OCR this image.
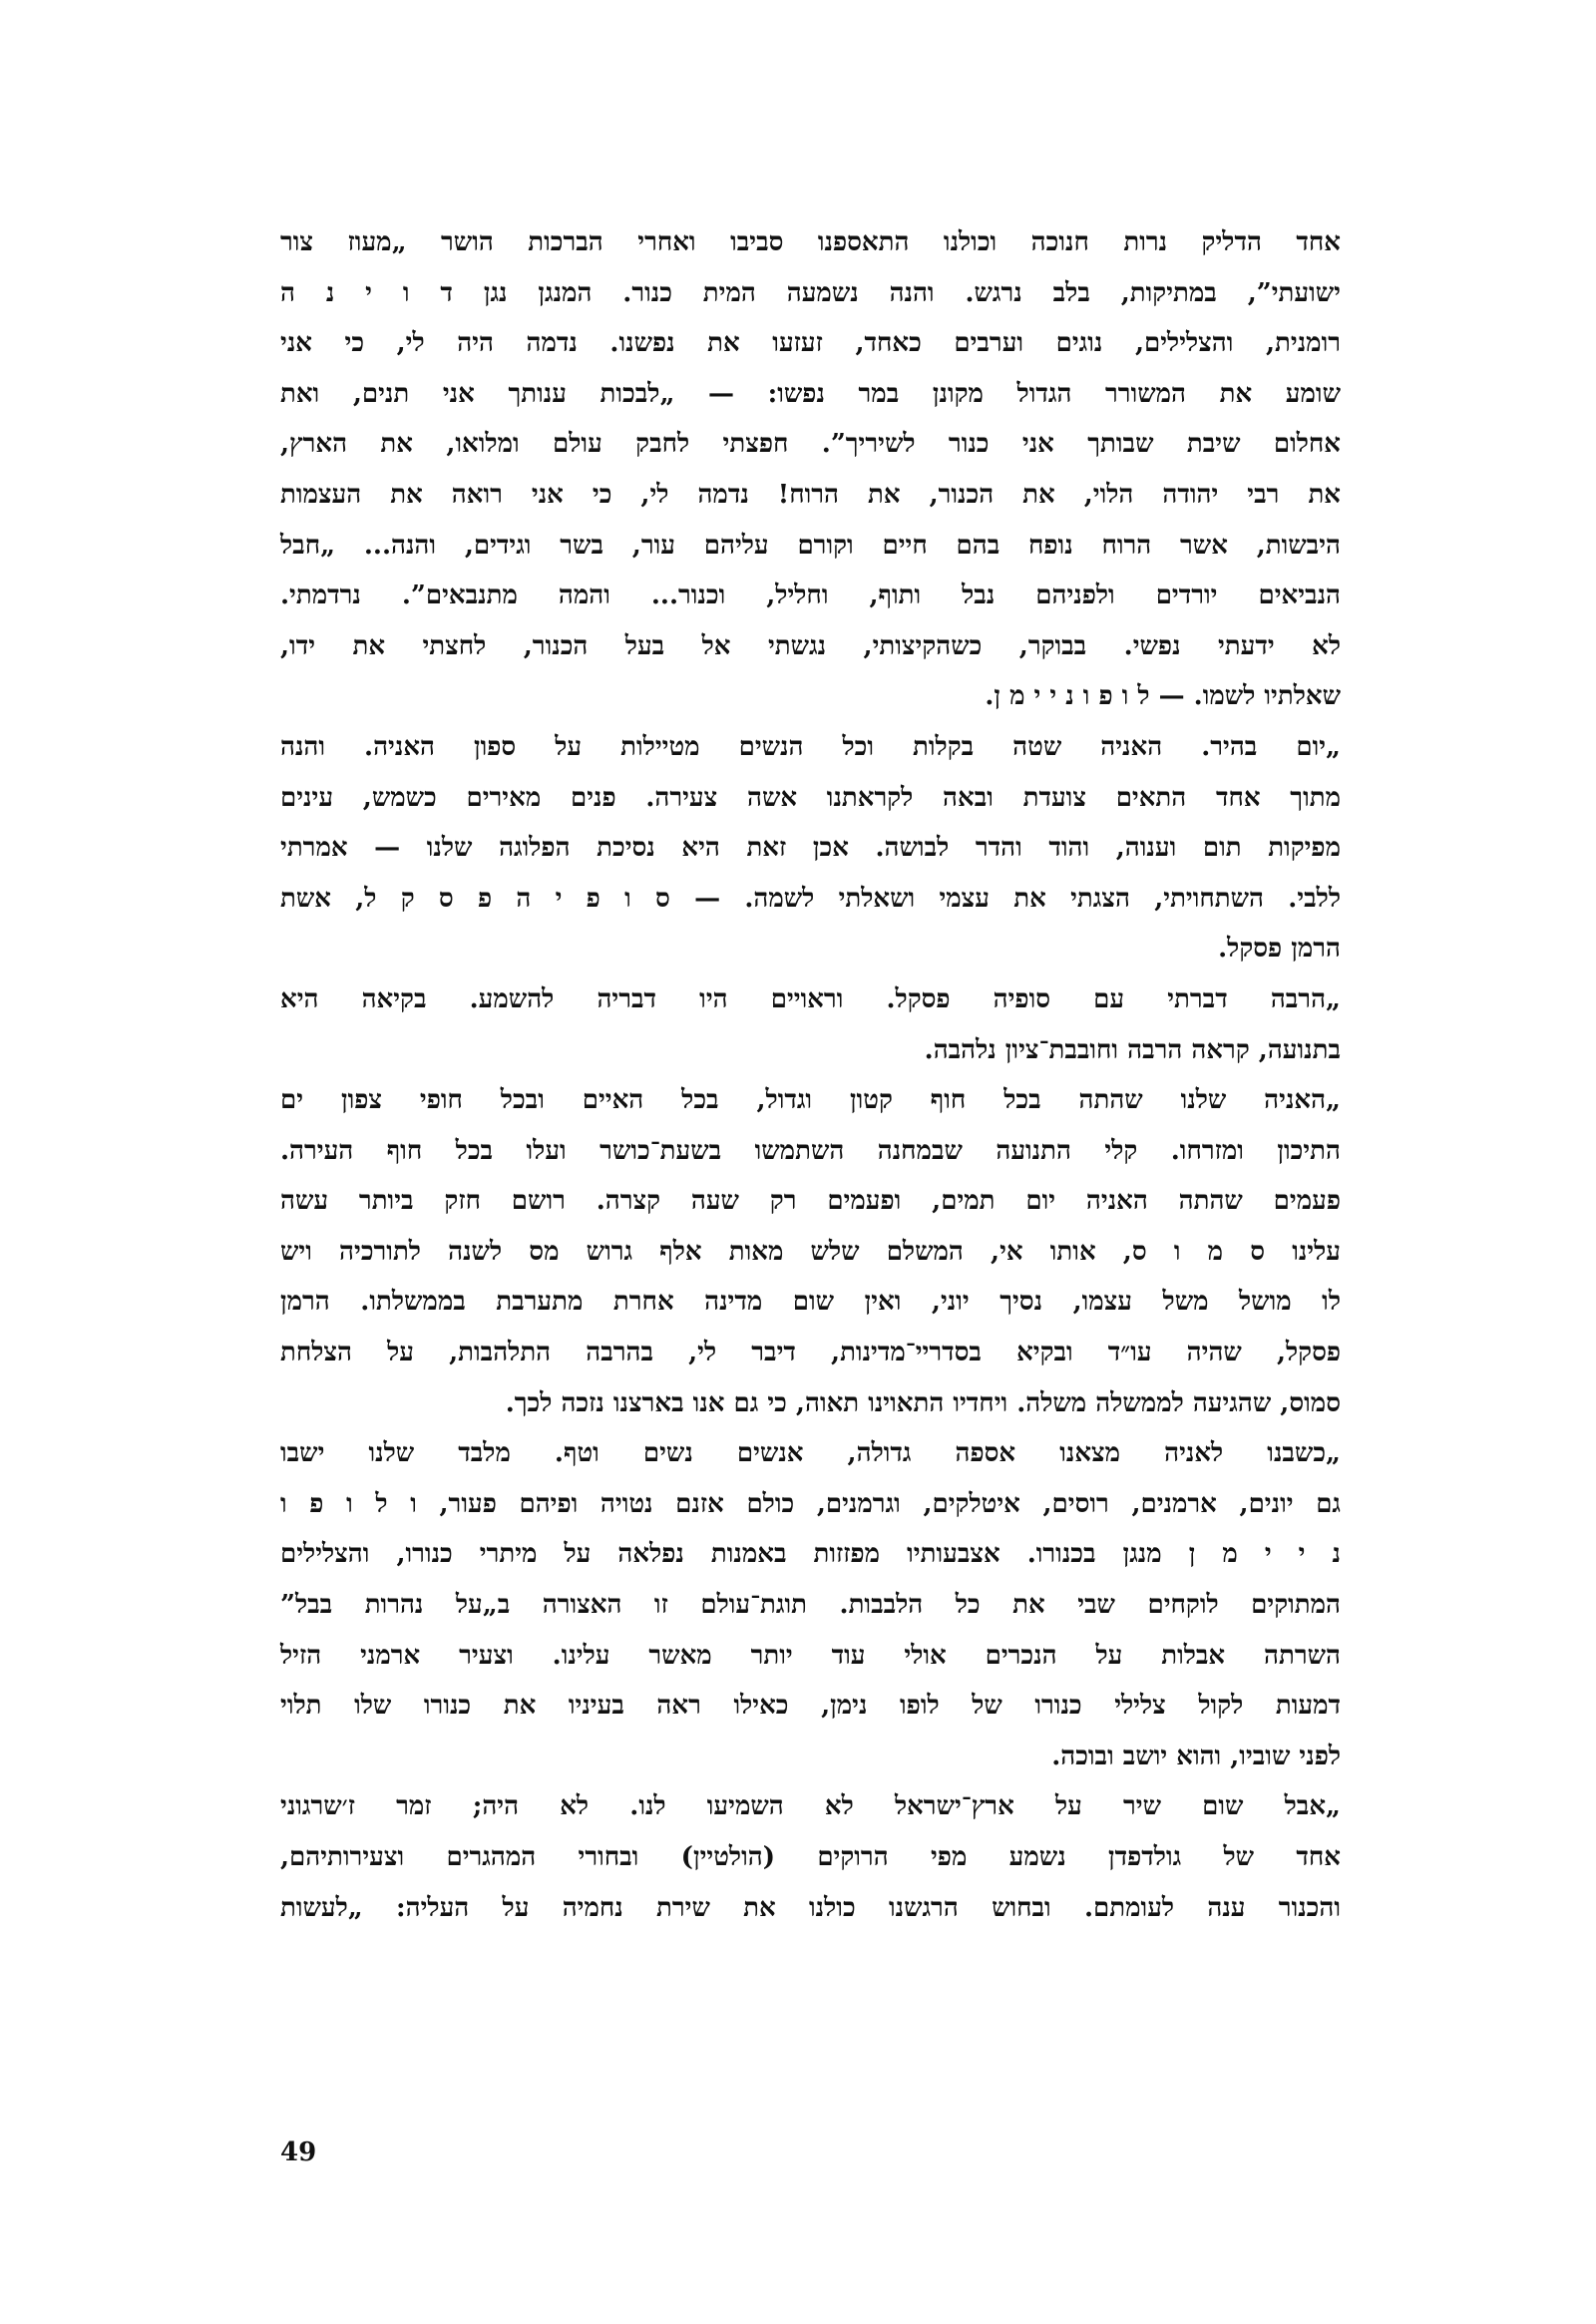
אחד הדליק נרות חנוכה וכולנו התאספנו סביבו ואחרי הברכות הושר „מעוז צור
ישועתי”, במתיקות, בלב נרגש. והנה נשמעה המית כנור. המנגן נגן ד ו י נ ה
רומנית, והצלילים, נוגים וערבים כאחד, זעזעו את נפשנו. נדמה היה לי, כי אני
שומע את המשורר הגדול מקונן במר נפשו: — „לבכות ענותך אני תנים, ואת
אחלום שיבת שבותך אני כנור לשיריך”. חפצתי לחבק עולם ומלואו, את הארץ,
את רבי יהודה הלוי, את הכנור, את הרוח! נדמה לי, כי אני רואה את העצמות
היבשות, אשר הרוח נופח בהם חיים וקורם עליהם עור, בשר וגידים, והנה... „חבל
הנביאים יורדים ולפניהם נבל ותוף, וחליל, וכנור... והמה מתנבאים”. נרדמתי.
לא ידעתי נפשי. בבוקר, כשהקיצותי, נגשתי אל בעל הכנור, לחצתי את ידו,
שאלתיו לשמו. — ל ו פ ו נ י י מ ן.
„יום בהיר. האניה שטה בקלות וכל הנשים מטיילות על ספון האניה. והנה
מתוך אחד התאים צועדת ובאה לקראתנו אשה צעירה. פנים מאירים כשמש, עינים
מפיקות תום וענוה, והוד והדר לבושה. אכן זאת היא נסיכת הפלוגה שלנו — אמרתי
ללבי. השתחויתי, הצגתי את עצמי ושאלתי לשמה. — ס ו פ י ה פ ס ק ל, אשת
הרמן פסקל.
„הרבה דברתי עם סופיה פסקל. וראויים היו דבריה להשמע. בקיאה היא
בתנועה, קראה הרבה וחובבת־ציון נלהבה.
„האניה שלנו שהתה בכל חוף קטון וגדול, בכל האיים ובכל חופי צפון ים
התיכון ומזרחו. קלי התנועה שבמחנה השתמשו בשעת־כושר ועלו בכל חוף העירה.
פעמים שהתה האניה יום תמים, ופעמים רק שעה קצרה. רושם חזק ביותר עשה
עלינו ס מ ו ס, אותו אי, המשלם שלש מאות אלף גרוש מס לשנה לתורכיה ויש
לו מושל משל עצמו, נסיך יוני, ואין שום מדינה אחרת מתערבת בממשלתו. הרמן
פסקל, שהיה עו״ד ובקיא בסדריי־מדינות, דיבר לי, בהרבה התלהבות, על הצלחת
סמוס, שהגיעה לממשלה משלה. ויחדיו התאוינו תאוה, כי גם אנו בארצנו נזכה לכך.
„כשבנו לאניה מצאנו אספה גדולה, אנשים נשים וטף. מלבד שלנו ישבו
גם יונים, ארמנים, רוסים, איטלקים, וגרמנים, כולם אזנם נטויה ופיהם פעור, ו ל ו פ ו
נ י י מ ן מנגן בכנורו. אצבעותיו מפזזות באמנות נפלאה על מיתרי כנורו, והצלילים
המתוקים לוקחים שבי את כל הלבבות. תוגת־עולם זו האצורה ב„על נהרות בבל”
השרתה אבלות על הנכרים אולי עוד יותר מאשר עלינו. וצעיר ארמני הזיל
דמעות לקול צלילי כנורו של לופו נימן, כאילו ראה בעיניו את כנורו שלו תלוי
לפני שוביו, והוא יושב ובוכה.
„אבל שום שיר על ארץ־ישראל לא השמיעו לנו. לא היה; זמר ז׳שרגוני
אחד של גולדפדן נשמע מפי הרוקים (הולטיין) ובחורי המהגרים וצעירותיהם,
והכנור ענה לעומתם. ובחוש הרגשנו כולנו את שירת נחמיה על העליה: „לעשות
49
